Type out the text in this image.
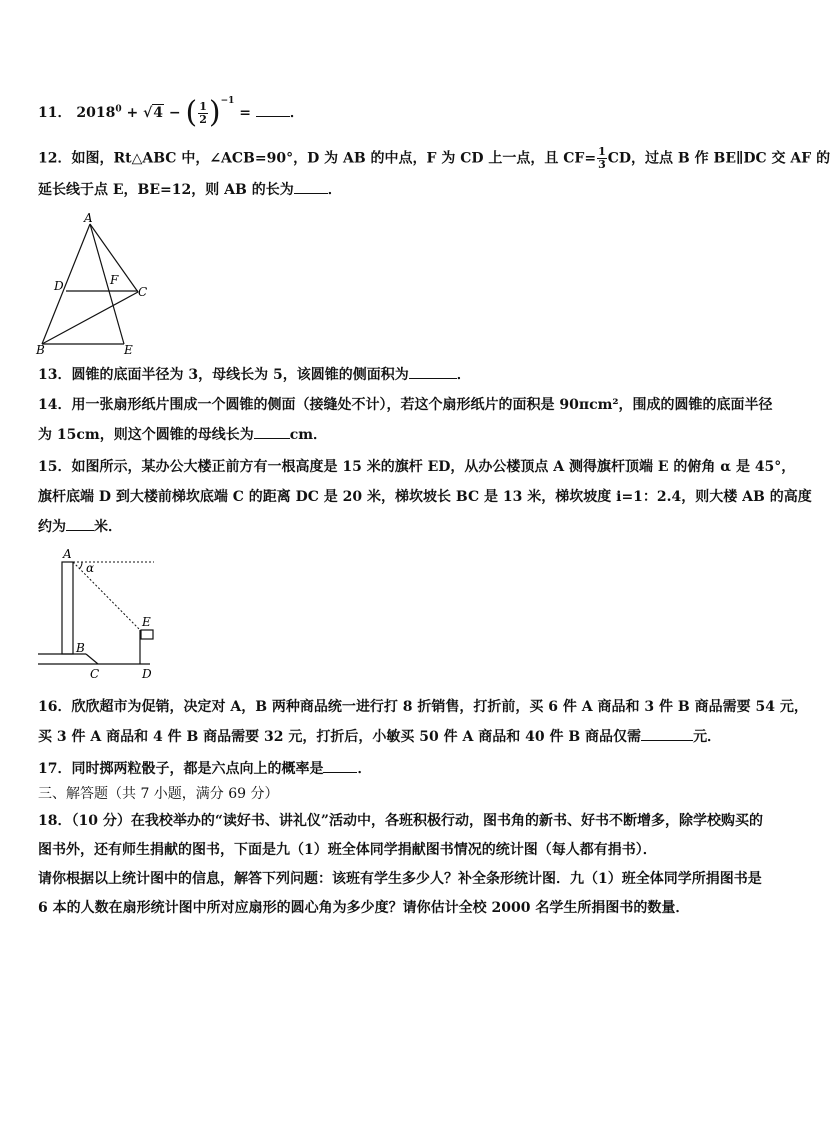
11． $2018^0 + √4$ − ( $\frac{1}{2} )^{-1}$ =	．
12．如图，Rt△ABC 中，∠ACB=90°，D 为 AB 的中点，F 为 CD 上一点，且 $CF= \frac{1}{3}$ CD，过点 B 作 BE∥DC 交 AF 的
延长线于点 E，BE=12，则 AB 的长为 ．
A
D	F
C
B	E
13．圆锥的底面半径为 3，母线长为 5，该圆锥的侧面积为	．
14．用一张扇形纸片围成一个圆锥的侧面（接缝处不计），若这个扇形纸片的面积是 90πcm²，围成的圆锥的底面半径
为 15cm，则这个圆锥的母线长为	cm．
15．如图所示，某办公大楼正前方有一根高度是 15 米的旗杆 ED，从办公楼顶点 A 测得旗杆顶端 E 的俯角 α 是 45°，
旗杆底端 D 到大楼前梯坎底端 C 的距离 DC 是 20 米，梯坎坡长 BC 是 13 米，梯坎坡度 i=1：2.4，则大楼 AB 的高度
约为 米．
A
α
E
B
C	D
16．欣欣超市为促销，决定对 A，B 两种商品统一进行打 8 折销售，打折前，买 6 件 A 商品和 3 件 B 商品需要 54 元，
买 3 件 A 商品和 4 件 B 商品需要 32 元，打折后，小敏买 50 件 A 商品和 40 件 B 商品仅需	元．
17．同时掷两粒骰子，都是六点向上的概率是 ．
三、解答题（共 7 小题，满分 69 分）
18．（10 分）在我校举办的“读好书、讲礼仪”活动中，各班积极行动，图书角的新书、好书不断增多，除学校购买的
图书外，还有师生捐献的图书，下面是九（1）班全体同学捐献图书情况的统计图（每人都有捐书）．
请你根据以上统计图中的信息，解答下列问题：该班有学生多少人？补全条形统计图．九（1）班全体同学所捐图书是
6 本的人数在扇形统计图中所对应扇形的圆心角为多少度？请你估计全校 2000 名学生所捐图书的数量．
